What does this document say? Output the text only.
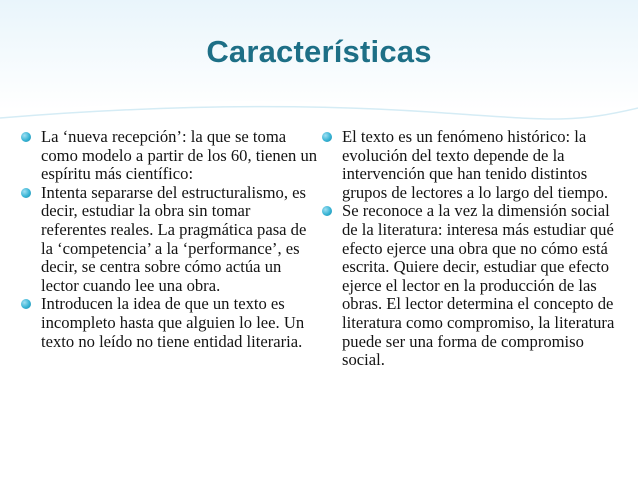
Características
La ‘nueva recepción’: la que se toma como modelo a partir de los 60, tienen un espíritu más científico:
Intenta separarse del estructuralismo, es decir, estudiar la obra sin tomar referentes reales. La pragmática pasa de la ‘competencia’ a la ‘performance’, es decir, se centra sobre cómo actúa un lector cuando lee una obra.
Introducen la idea de que un texto es incompleto hasta que alguien lo lee. Un texto no leído no tiene entidad literaria.
El texto es un fenómeno histórico: la evolución del texto depende de la intervención que han tenido distintos grupos de lectores a lo largo del tiempo.
Se reconoce a la vez la dimensión social de la literatura: interesa más estudiar qué efecto ejerce una obra que no cómo está escrita. Quiere decir, estudiar que efecto ejerce el lector en la producción de las obras. El lector determina el concepto de literatura como compromiso, la literatura puede ser una forma de compromiso social.
